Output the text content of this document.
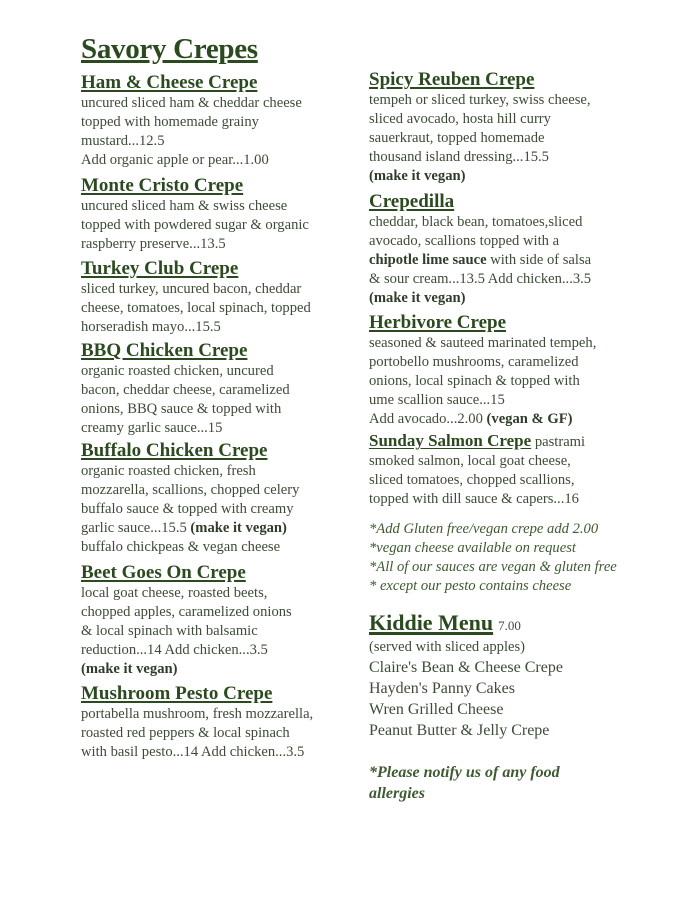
Savory Crepes
Ham & Cheese Crepe
uncured sliced ham & cheddar cheese
topped with homemade grainy
mustard...12.5
Add organic apple or pear...1.00
Monte Cristo Crepe
uncured sliced ham & swiss cheese
topped with powdered sugar & organic
raspberry preserve...13.5
Turkey Club Crepe
sliced turkey, uncured bacon, cheddar
cheese, tomatoes, local spinach, topped
horseradish mayo...15.5
BBQ Chicken Crepe
organic roasted chicken, uncured
bacon, cheddar cheese, caramelized
onions, BBQ sauce & topped with
creamy garlic sauce...15
Buffalo Chicken Crepe
organic roasted chicken, fresh
mozzarella, scallions, chopped celery
buffalo sauce & topped with creamy
garlic sauce...15.5 (make it vegan)
buffalo chickpeas & vegan cheese
Beet Goes On Crepe
local goat cheese, roasted beets,
chopped apples, caramelized onions
& local spinach with balsamic
reduction...14 Add chicken...3.5
(make it vegan)
Mushroom Pesto Crepe
portabella mushroom, fresh mozzarella,
roasted red peppers & local spinach
with basil pesto...14 Add chicken...3.5
Spicy Reuben Crepe
tempeh or sliced turkey, swiss cheese,
sliced avocado, hosta hill curry
sauerkraut, topped homemade
thousand island dressing...15.5
(make it vegan)
Crepedilla
cheddar, black bean, tomatoes,sliced
avocado, scallions topped with a
chipotle lime sauce with side of salsa
& sour cream...13.5 Add chicken...3.5
(make it vegan)
Herbivore Crepe
seasoned & sauteed marinated tempeh,
portobello mushrooms, caramelized
onions, local spinach & topped with
ume scallion sauce...15
Add avocado...2.00 (vegan & GF)
Sunday Salmon Crepe pastrami
smoked salmon, local goat cheese,
sliced tomatoes, chopped scallions,
topped with dill sauce & capers...16
*Add Gluten free/vegan crepe add 2.00
*vegan cheese available on request
*All of our sauces are vegan & gluten free
* except our pesto contains cheese
Kiddie Menu 7.00
(served with sliced apples)
Claire's Bean & Cheese Crepe
Hayden's Panny Cakes
Wren Grilled Cheese
Peanut Butter & Jelly Crepe
*Please notify us of any food
allergies
